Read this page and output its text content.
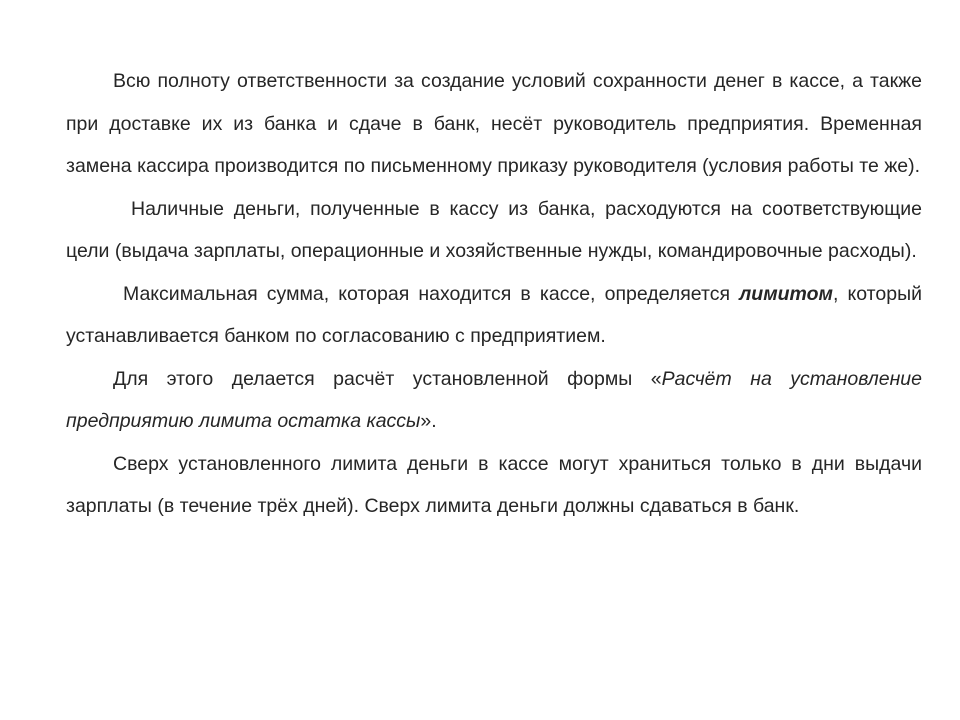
Всю полноту ответственности за создание условий сохранности денег в кассе, а также при доставке их из банка и сдаче в банк, несёт руководитель предприятия. Временная замена кассира производится по письменному приказу руководителя (условия работы те же).

Наличные деньги, полученные в кассу из банка, расходуются на соответствующие цели (выдача зарплаты, операционные и хозяйственные нужды, командировочные расходы).

Максимальная сумма, которая находится в кассе, определяется лимитом, который устанавливается банком по согласованию с предприятием.

Для этого делается расчёт установленной формы «Расчёт на установление предприятию лимита остатка кассы».

Сверх установленного лимита деньги в кассе могут храниться только в дни выдачи зарплаты (в течение трёх дней). Сверх лимита деньги должны сдаваться в банк.
